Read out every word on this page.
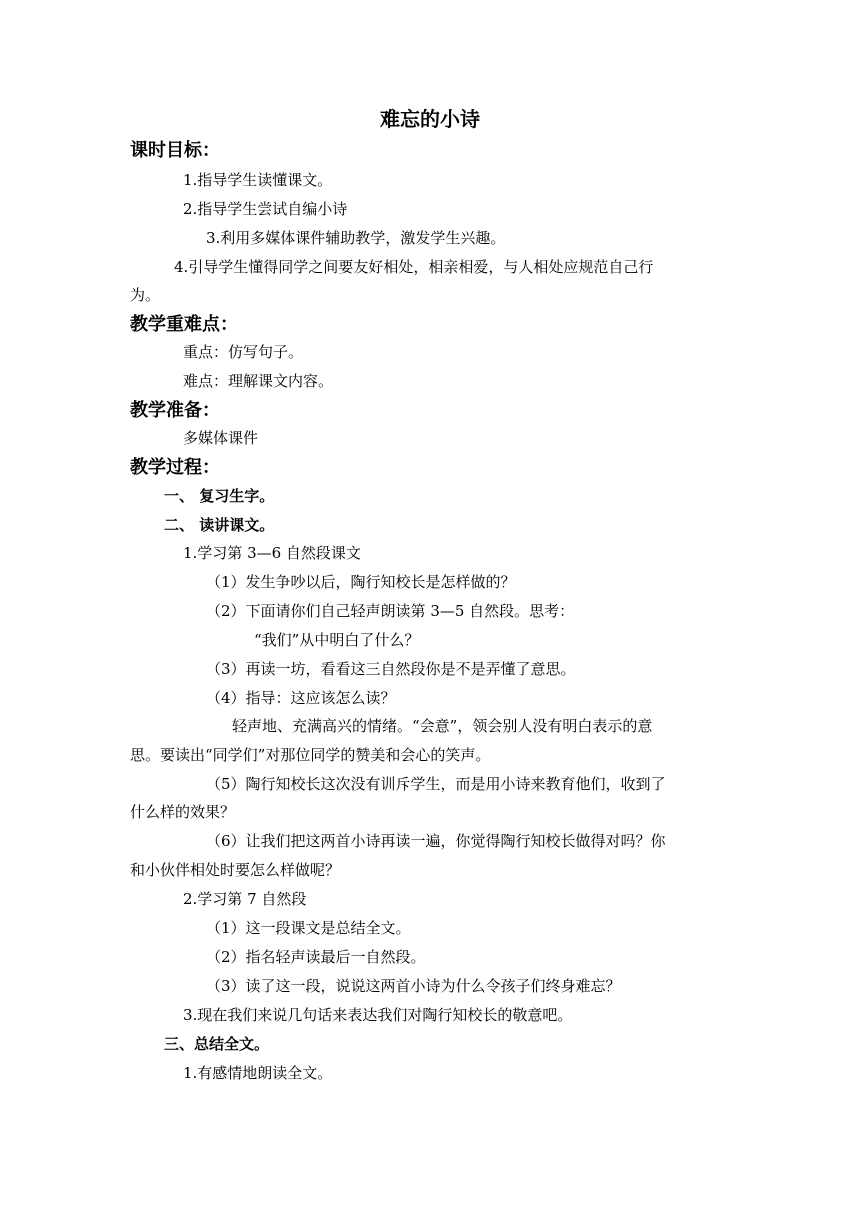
难忘的小诗
课时目标：
1.指导学生读懂课文。
2.指导学生尝试自编小诗
3.利用多媒体课件辅助教学，激发学生兴趣。
4.引导学生懂得同学之间要友好相处，相亲相爱，与人相处应规范自己行
为。
教学重难点：
重点：仿写句子。
难点：理解课文内容。
教学准备：
多媒体课件
教学过程：
一、 复习生字。
二、 读讲课文。
1.学习第 3—6 自然段课文
（1）发生争吵以后，陶行知校长是怎样做的？
（2）下面请你们自己轻声朗读第 3—5 自然段。思考：
“我们”从中明白了什么？
（3）再读一坊，看看这三自然段你是不是弄懂了意思。
（4）指导：这应该怎么读？
轻声地、充满高兴的情绪。“会意”，领会别人没有明白表示的意
思。要读出“同学们”对那位同学的赞美和会心的笑声。
（5）陶行知校长这次没有训斥学生，而是用小诗来教育他们，收到了
什么样的效果？
（6）让我们把这两首小诗再读一遍，你觉得陶行知校长做得对吗？你
和小伙伴相处时要怎么样做呢？
2.学习第 7 自然段
（1）这一段课文是总结全文。
（2）指名轻声读最后一自然段。
（3）读了这一段，说说这两首小诗为什么令孩子们终身难忘？
3.现在我们来说几句话来表达我们对陶行知校长的敬意吧。
三、总结全文。
1.有感情地朗读全文。
